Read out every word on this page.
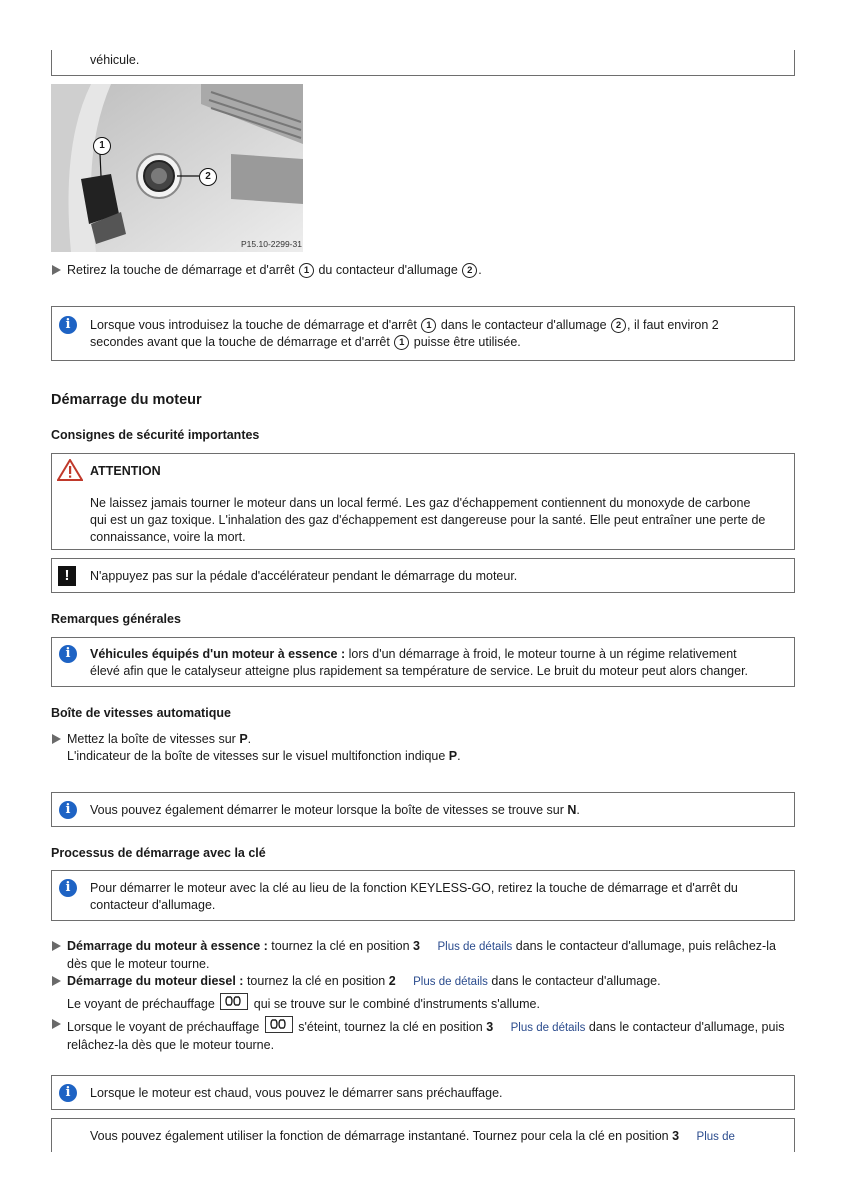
véhicule.
1
2
P15.10-2299-31
Retirez la touche de démarrage et d'arrêt 1 du contacteur d'allumage 2 .
i	Lorsque vous introduisez la touche de démarrage et d'arrêt 1 dans le contacteur d'allumage 2 , il faut environ 2
secondes avant que la touche de démarrage et d'arrêt 1 puisse être utilisée.
Démarrage du moteur
Consignes de sécurité importantes
ATTENTION
Ne laissez jamais tourner le moteur dans un local fermé. Les gaz d'échappement contiennent du monoxyde de carbone
qui est un gaz toxique. L'inhalation des gaz d'échappement est dangereuse pour la santé. Elle peut entraîner une perte de
connaissance, voire la mort.
!	N'appuyez pas sur la pédale d'accélérateur pendant le démarrage du moteur.
Remarques générales
i	Véhicules équipés d'un moteur à essence : lors d'un démarrage à froid, le moteur tourne à un régime relativement
élevé afin que le catalyseur atteigne plus rapidement sa température de service. Le bruit du moteur peut alors changer.
Boîte de vitesses automatique
Mettez la boîte de vitesses sur P.
L'indicateur de la boîte de vitesses sur le visuel multifonction indique P.
i	Vous pouvez également démarrer le moteur lorsque la boîte de vitesses se trouve sur N.
Processus de démarrage avec la clé
i	Pour démarrer le moteur avec la clé au lieu de la fonction KEYLESS-GO, retirez la touche de démarrage et d'arrêt du
contacteur d'allumage.
Démarrage du moteur à essence : tournez la clé en position 3 Plus de détails dans le contacteur d'allumage, puis relâchez-la
dès que le moteur tourne.
Démarrage du moteur diesel : tournez la clé en position 2 Plus de détails dans le contacteur d'allumage.
Le voyant de préchauffage	qui se trouve sur le combiné d'instruments s'allume.
Lorsque le voyant de préchauffage	s'éteint, tournez la clé en position 3 Plus de détails dans le contacteur d'allumage, puis
relâchez-la dès que le moteur tourne.
i	Lorsque le moteur est chaud, vous pouvez le démarrer sans préchauffage.
Vous pouvez également utiliser la fonction de démarrage instantané. Tournez pour cela la clé en position 3 Plus de
